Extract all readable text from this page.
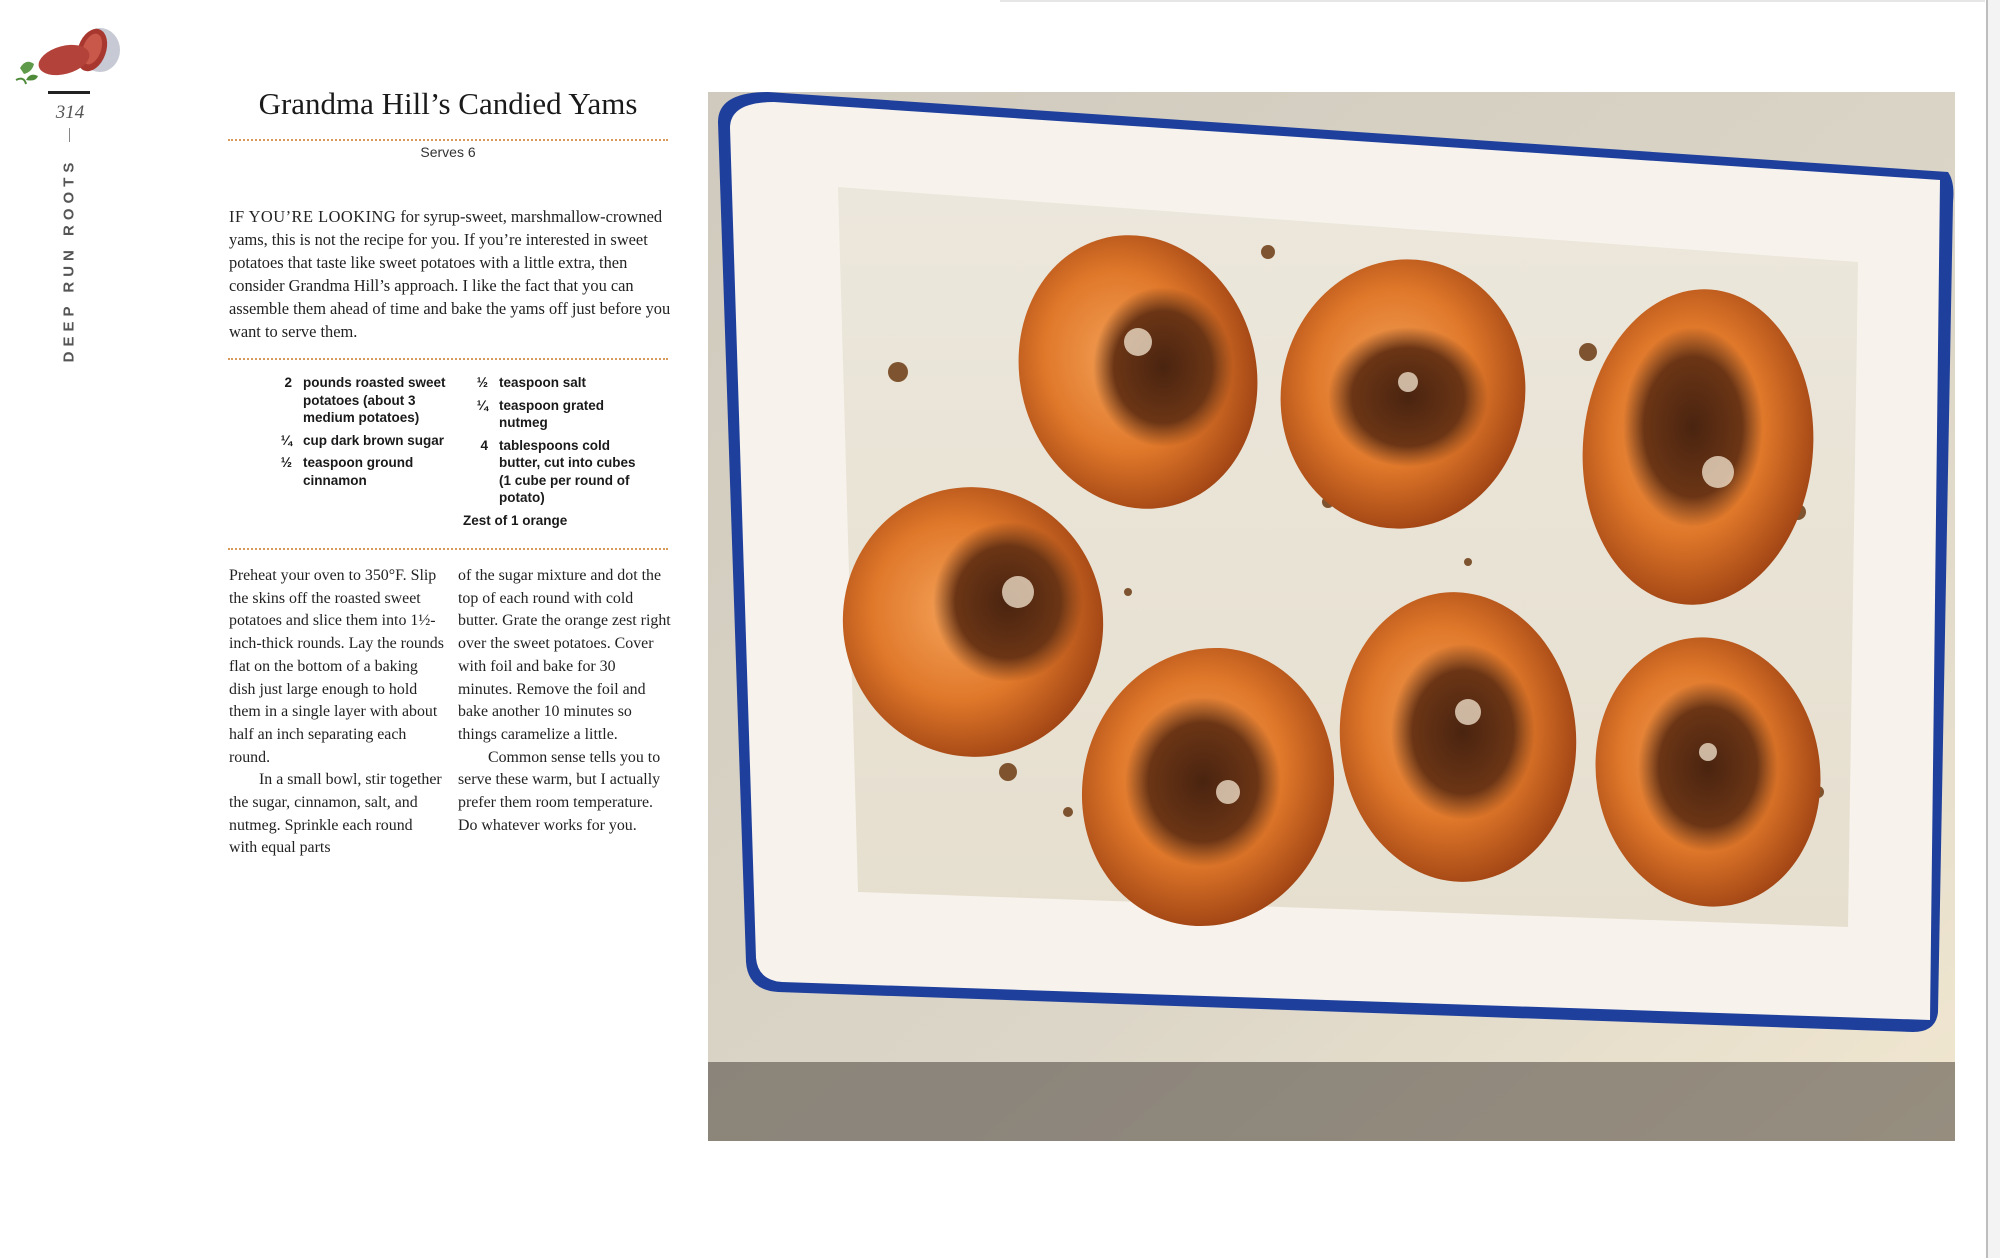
314
DEEP RUN ROOTS
Grandma Hill’s Candied Yams
Serves 6
IF YOU’RE LOOKING for syrup-sweet, marshmallow-crowned yams, this is not the recipe for you. If you’re interested in sweet potatoes that taste like sweet potatoes with a little extra, then consider Grandma Hill’s approach. I like the fact that you can assemble them ahead of time and bake the yams off just before you want to serve them.
2 pounds roasted sweet potatoes (about 3 medium potatoes)
¼ cup dark brown sugar
½ teaspoon ground cinnamon
½ teaspoon salt
¼ teaspoon grated nutmeg
4 tablespoons cold butter, cut into cubes (1 cube per round of potato)
Zest of 1 orange

Preheat your oven to 350°F. Slip the skins off the roasted sweet potatoes and slice them into 1½-inch-thick rounds. Lay the rounds flat on the bottom of a baking dish just large enough to hold them in a single layer with about half an inch separating each round.

In a small bowl, stir together the sugar, cinnamon, salt, and nutmeg. Sprinkle each round with equal parts

of the sugar mixture and dot the top of each round with cold butter. Grate the orange zest right over the sweet potatoes. Cover with foil and bake for 30 minutes. Remove the foil and bake another 10 minutes so things caramelize a little.

Common sense tells you to serve these warm, but I actually prefer them room temperature. Do whatever works for you.
